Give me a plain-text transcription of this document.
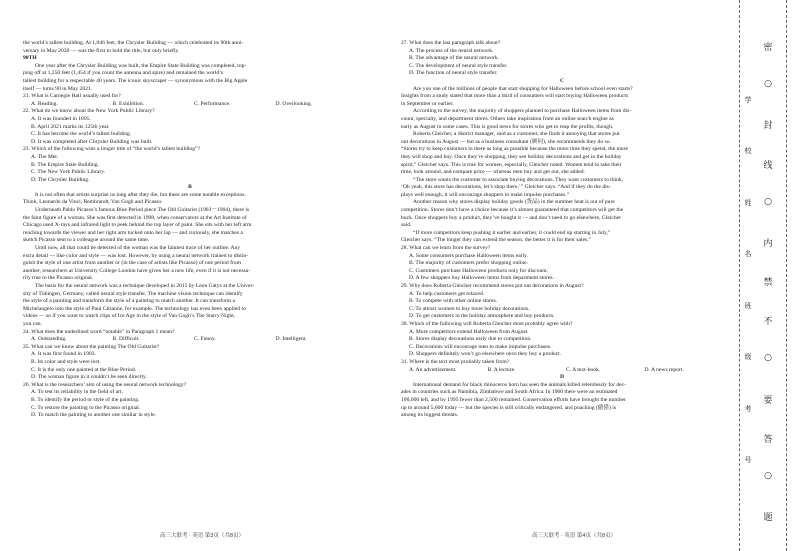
the world’s tallest building. At 1,046 feet, the Chrysler Building — which celebrated its 90th anni-

versary in May 2020 — was the first to hold the title, but only briefly.

90TH

One year after the Chrysler Building was built, the Empire State Building was completed, top-

ping off at 1,250 feet (1,454 if you count the antenna and spire) and remained the world’s

tallest building for a respectable 40 years. The iconic skyscraper — synonymous with the Big Apple

itself — turns 90 in May 2021.

21. What is Carnegie Hall usually used for?

A. Reading.	B. Exhibition.	C. Performance.	D. Overlooking.

22. What do we know about the New York Public Library?

A. It was founded in 1895.

B. April 2021 marks its 125th year.

C. It has become the world’s tallest building.

D. It was completed after Chrysler Building was built.

23. Which of the following wins a longer title of “the world’s tallest building”?

A. The Met.

B. The Empire State Building.

C. The New York Public Library.

D. The Chrysler Building.

B

It is not often that artists surprise us long after they die, but there are some notable exceptions.

Think, Leonardo da Vinci, Rembrandt, Van Gogh and Picasso.

Underneath Pablo Picasso’s famous Blue Period piece The Old Guitarist (1903－1904), there is

the faint figure of a woman. She was first detected in 1998, when conservators at the Art Institute of

Chicago used X-rays and infrared light to peek behind the top layer of paint. She sits with her left arm

reaching towards the viewer and her right arm tucked onto her lap — and curiously, she matches a

sketch Picasso sent to a colleague around the same time.

Until now, all that could be detected of the woman was the faintest trace of her outline. Any

extra detail — like color and style — was lost. However, by using a neural network trained to distin-

guish the style of one artist from another or (in the case of artists like Picasso) of one period from

another, researchers at University College London have given her a new life, even if it is not necessa-

rily true to the Picasso original.

The basis for the neural network was a technique developed in 2015 by Leon Gatys at the Univer-

sity of Tübingen, Germany, called neural style transfer. The machine vision technique can identify

the style of a painting and transform the style of a painting to match another. It can transform a

Michelangelo into the style of Paul Cézanne, for example. The technology has even been applied to

videos — so if you want to watch clips of Ice Age in the style of Van Gogh’s The Starry Night,

you can.

24. What does the underlined word “notable” in Paragraph 1 mean?

A. Outstanding.	B. Difficult.	C. Funny.	D. Intelligent.

25. What can we know about the painting The Old Guitarist?

A. It was first found in 1903.

B. Its color and style were lost.

C. It is the only one painted at the Blue Period.

D. The woman figure in it couldn’t be seen directly.

26. What is the researchers’ aim of using the neural network technology?

A. To test its reliability in the field of art.

B. To identify the period or style of the painting.

C. To restore the painting to the Picasso original.

D. To match the painting to another one similar in style.

27. What does the last paragraph talk about?

A. The process of the neural network.

B. The advantage of the neural network.

C. The development of neural style transfer.

D. The function of neural style transfer.

C

Are you one of the millions of people that start shopping for Halloween before school even starts?

Insights from a study stated that more than a third of consumers will start buying Halloween products

in September or earlier.

According to the survey, the majority of shoppers planned to purchase Halloween items from dis-

count, specialty, and department stores. Others take inspiration from an online search engine as

early as August in some cases. This is good news for stores who get to reap the profits, though.

Roberta Gleicher, a district manager, said as a customer, she finds it annoying that stores put

out decorations in August — but as a business consultant (顾问), she recommends they do so.

“Stores try to keep customers in there as long as possible because the more time they spend, the more

they will shop and buy. Once they’re shopping, they see holiday decorations and get in the holiday

spirit,” Gleicher says. This is true for women, especially, Gleicher noted. Women tend to take their

time, look around, and compare price — whereas men buy and get out, she added.

“The store wants the customer to associate buying decorations. They want customers to think,

‘Oh yeah, this store has decorations, let’s shop there,’” Gleicher says. “And if they do the dis-

plays well enough, it will encourage shoppers to make impulse purchases.”

Another reason why stores display holiday goods (货品) in the summer heat is out of pure

competition. Stores don’t have a choice because it’s almost guaranteed that competitors will get the

buck. Once shoppers buy a product, they’ve bought it — and don’t need to go elsewhere, Gleicher

said.

“If more competitors keep pushing it earlier and earlier, it could end up starting in July,”

Gleicher says. “The longer they can extend the season, the better it is for their sales.”

28. What can we learn from the survey?

A. Some consumers purchase Halloween items early.

B. The majority of customers prefer shopping online.

C. Customers purchase Halloween products only for discount.

D. A few shoppers buy Halloween items from department stores.

29. Why does Roberta Gleicher recommend stores put out decorations in August?

A. To help customers get relaxed.

B. To compete with other online stores.

C. To attract women to buy more holiday decorations.

D. To get customers in the holiday atmosphere and buy products.

30. Which of the following will Roberta Gleicher most probably agree with?

A. More competitors extend Halloween from August.

B. Stores display decorations early due to competition.

C. Decorations will encourage men to make impulse purchases.

D. Shoppers definitely won’t go elsewhere once they buy a product.

31. Where is the text most probably taken from?

A. An advertisement.	B. A lecture.	C. A text-book.	D. A news report.

D

International demand for black rhinoceros horn has seen the animals killed relentlessly for dec-

ades in countries such as Namibia, Zimbabwe and South Africa. In 1960 there were an estimated

100,000 left, and by 1995 fewer than 2,500 remained. Conservation efforts have brought the number

up to around 5,600 today — but the species is still critically endangered, and poaching (偷猎) is

among its biggest threats.

高三大联考 · 英语 第3页（共8页）	高三大联考 · 英语 第4页（共8页）
密
○
封
线
○
内
禁
不
○
要
答
○
题
学
校
姓
名
班
级
考
号
